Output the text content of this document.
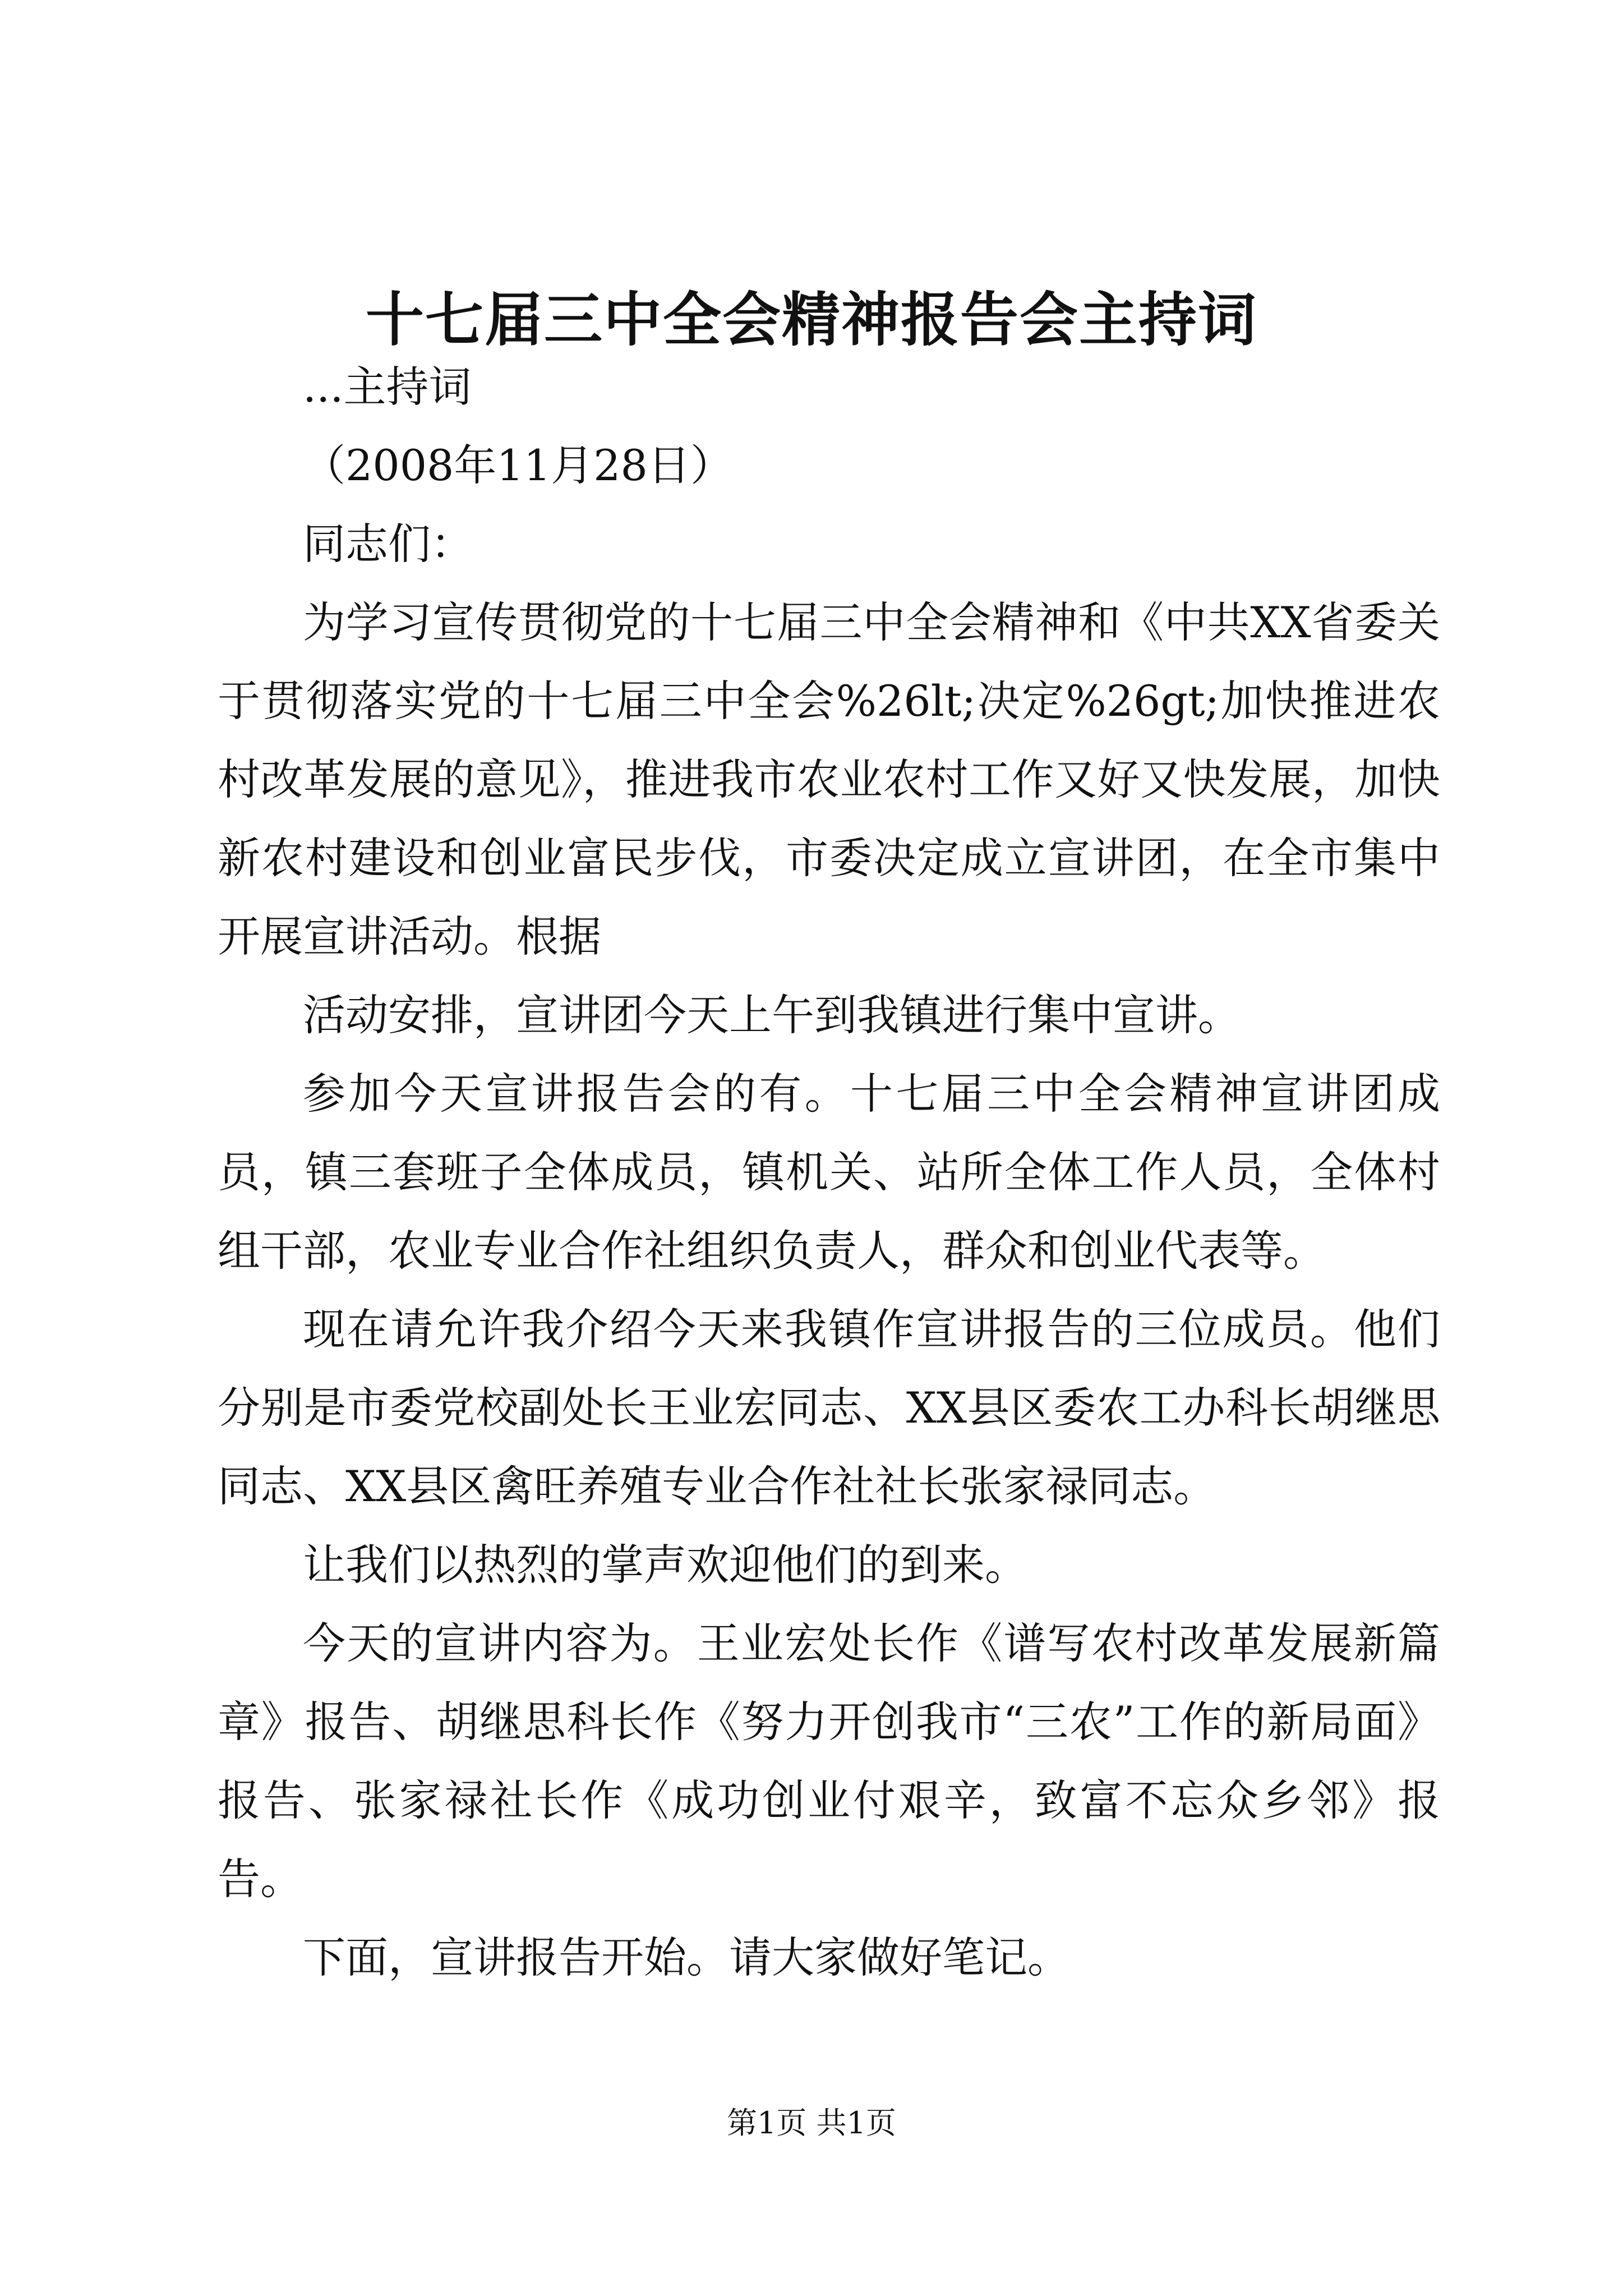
十七届三中全会精神报告会主持词

...主持词

（2008年11月28日）

同志们：

为学习宣传贯彻党的十七届三中全会精神和《中共XX省委关于贯彻落实党的十七届三中全会%26lt;决定%26gt;加快推进农村改革发展的意见》，推进我市农业农村工作又好又快发展，加快新农村建设和创业富民步伐，市委决定成立宣讲团，在全市集中开展宣讲活动。根据

活动安排，宣讲团今天上午到我镇进行集中宣讲。

参加今天宣讲报告会的有。十七届三中全会精神宣讲团成员，镇三套班子全体成员，镇机关、站所全体工作人员，全体村组干部，农业专业合作社组织负责人，群众和创业代表等。

现在请允许我介绍今天来我镇作宣讲报告的三位成员。他们分别是市委党校副处长王业宏同志、XX县区委农工办科长胡继思同志、XX县区禽旺养殖专业合作社社长张家禄同志。

让我们以热烈的掌声欢迎他们的到来。

今天的宣讲内容为。王业宏处长作《谱写农村改革发展新篇章》报告、胡继思科长作《努力开创我市“三农”工作的新局面》报告、张家禄社长作《成功创业付艰辛，致富不忘众乡邻》报告。

下面，宣讲报告开始。请大家做好笔记。

第1页 共1页
